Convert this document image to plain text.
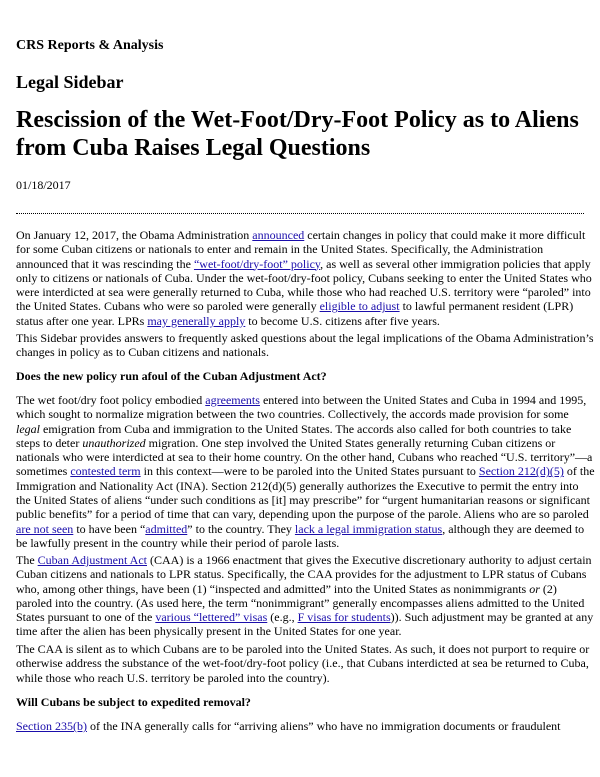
CRS Reports & Analysis
Legal Sidebar
Rescission of the Wet-Foot/Dry-Foot Policy as to Aliens
from Cuba Raises Legal Questions
01/18/2017
On January 12, 2017, the Obama Administration announced certain changes in policy that could make it more difficult
for some Cuban citizens or nationals to enter and remain in the United States. Specifically, the Administration
announced that it was rescinding the “wet-foot/dry-foot” policy, as well as several other immigration policies that apply
only to citizens or nationals of Cuba. Under the wet-foot/dry-foot policy, Cubans seeking to enter the United States who
were interdicted at sea were generally returned to Cuba, while those who had reached U.S. territory were “paroled” into
the United States. Cubans who were so paroled were generally eligible to adjust to lawful permanent resident (LPR)
status after one year. LPRs may generally apply to become U.S. citizens after five years.
This Sidebar provides answers to frequently asked questions about the legal implications of the Obama Administration’s
changes in policy as to Cuban citizens and nationals.
Does the new policy run afoul of the Cuban Adjustment Act?
The wet foot/dry foot policy embodied agreements entered into between the United States and Cuba in 1994 and 1995,
which sought to normalize migration between the two countries. Collectively, the accords made provision for some
legal emigration from Cuba and immigration to the United States. The accords also called for both countries to take
steps to deter unauthorized migration. One step involved the United States generally returning Cuban citizens or
nationals who were interdicted at sea to their home country. On the other hand, Cubans who reached “U.S. territory”—a
sometimes contested term in this context—were to be paroled into the United States pursuant to Section 212(d)(5) of the
Immigration and Nationality Act (INA). Section 212(d)(5) generally authorizes the Executive to permit the entry into
the United States of aliens “under such conditions as [it] may prescribe” for “urgent humanitarian reasons or significant
public benefits” for a period of time that can vary, depending upon the purpose of the parole. Aliens who are so paroled
are not seen to have been “admitted” to the country. They lack a legal immigration status, although they are deemed to
be lawfully present in the country while their period of parole lasts.
The Cuban Adjustment Act (CAA) is a 1966 enactment that gives the Executive discretionary authority to adjust certain
Cuban citizens and nationals to LPR status. Specifically, the CAA provides for the adjustment to LPR status of Cubans
who, among other things, have been (1) “inspected and admitted” into the United States as nonimmigrants or (2)
paroled into the country. (As used here, the term “nonimmigrant” generally encompasses aliens admitted to the United
States pursuant to one of the various “lettered” visas (e.g., F visas for students)). Such adjustment may be granted at any
time after the alien has been physically present in the United States for one year.
The CAA is silent as to which Cubans are to be paroled into the United States. As such, it does not purport to require or
otherwise address the substance of the wet-foot/dry-foot policy (i.e., that Cubans interdicted at sea be returned to Cuba,
while those who reach U.S. territory be paroled into the country).
Will Cubans be subject to expedited removal?
Section 235(b) of the INA generally calls for “arriving aliens” who have no immigration documents or fraudulent
